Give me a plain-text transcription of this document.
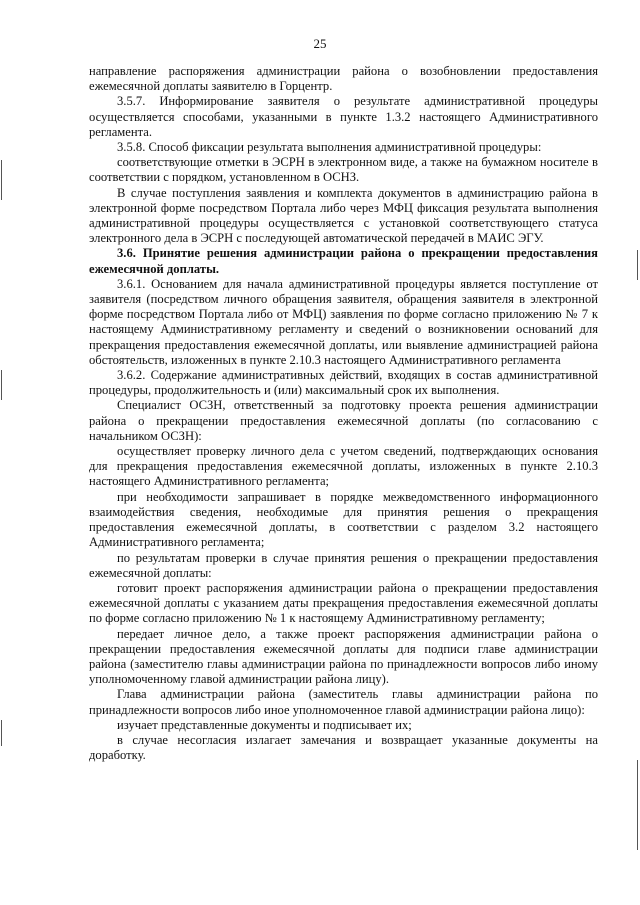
25

направление распоряжения администрации района о возобновлении предоставления ежемесячной доплаты заявителю в Горцентр.

3.5.7. Информирование заявителя о результате административной процедуры осуществляется способами, указанными в пункте 1.3.2 настоящего Административного регламента.

3.5.8. Способ фиксации результата выполнения административной процедуры:

соответствующие отметки в ЭСРН в электронном виде, а также на бумажном носителе в соответствии с порядком, установленном в ОСНЗ.

В случае поступления заявления и комплекта документов в администрацию района в электронной форме посредством Портала либо через МФЦ фиксация результата выполнения административной процедуры осуществляется с установкой соответствующего статуса электронного дела в ЭСРН с последующей автоматической передачей в МАИС ЭГУ.

3.6. Принятие решения администрации района о прекращении предоставления ежемесячной доплаты.

3.6.1. Основанием для начала административной процедуры является поступление от заявителя (посредством личного обращения заявителя, обращения заявителя в электронной форме посредством Портала либо от МФЦ) заявления по форме согласно приложению № 7 к настоящему Административному регламенту и сведений о возникновении оснований для прекращения предоставления ежемесячной доплаты, или выявление администрацией района обстоятельств, изложенных в пункте 2.10.3 настоящего Административного регламента

3.6.2. Содержание административных действий, входящих в состав административной процедуры, продолжительность и (или) максимальный срок их выполнения.

Специалист ОСЗН, ответственный за подготовку проекта решения администрации района о прекращении предоставления ежемесячной доплаты (по согласованию с начальником ОСЗН):

осуществляет проверку личного дела с учетом сведений, подтверждающих основания для прекращения предоставления ежемесячной доплаты, изложенных в пункте 2.10.3 настоящего Административного регламента;

при необходимости запрашивает в порядке межведомственного информационного взаимодействия сведения, необходимые для принятия решения о прекращения предоставления ежемесячной доплаты, в соответствии с разделом 3.2 настоящего Административного регламента;

по результатам проверки в случае принятия решения о прекращении предоставления ежемесячной доплаты:

готовит проект распоряжения администрации района о прекращении предоставления ежемесячной доплаты с указанием даты прекращения предоставления ежемесячной доплаты по форме согласно приложению № 1 к настоящему Административному регламенту;

передает личное дело, а также проект распоряжения администрации района о прекращении предоставления ежемесячной доплаты для подписи главе администрации района (заместителю главы администрации района по принадлежности вопросов либо иному уполномоченному главой администрации района лицу).

Глава администрации района (заместитель главы администрации района по принадлежности вопросов либо иное уполномоченное главой администрации района лицо):

изучает представленные документы и подписывает их;

в случае несогласия излагает замечания и возвращает указанные документы на доработку.
